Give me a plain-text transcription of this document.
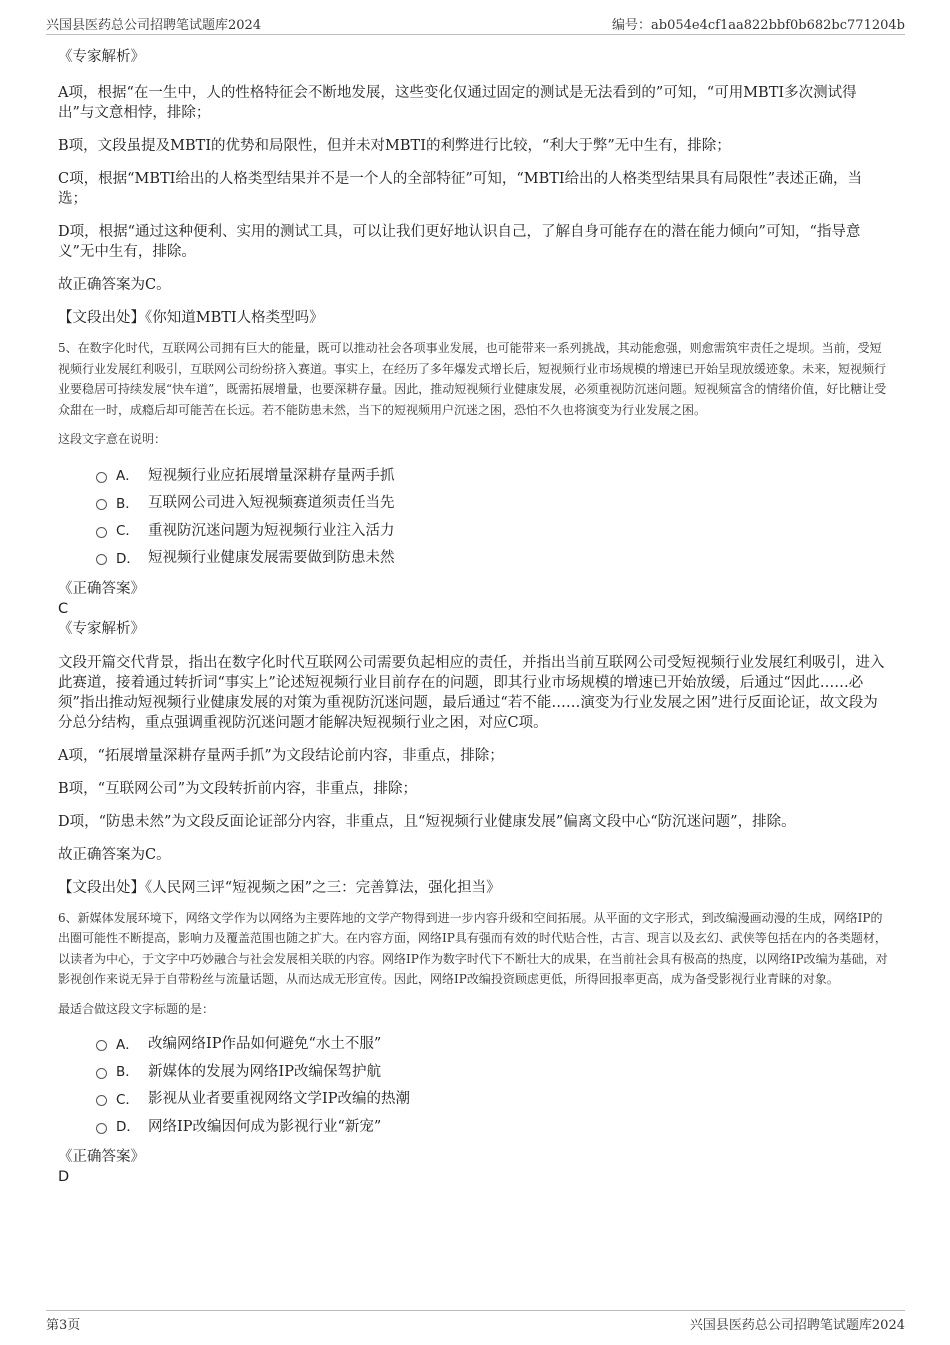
兴国县医药总公司招聘笔试题库2024	编号：ab054e4cf1aa822bbf0b682bc771204b

《专家解析》

A项，根据“在一生中，人的性格特征会不断地发展，这些变化仅通过固定的测试是无法看到的”可知，“可用MBTI多次测试得出”与文意相悖，排除；

B项，文段虽提及MBTI的优势和局限性，但并未对MBTI的利弊进行比较，“利大于弊”无中生有，排除；

C项，根据“MBTI给出的人格类型结果并不是一个人的全部特征”可知，“MBTI给出的人格类型结果具有局限性”表述正确，当选；

D项，根据“通过这种便利、实用的测试工具，可以让我们更好地认识自己，了解自身可能存在的潜在能力倾向”可知，“指导意义”无中生有，排除。

故正确答案为C。

【文段出处】《你知道MBTI人格类型吗》

5、在数字化时代，互联网公司拥有巨大的能量，既可以推动社会各项事业发展，也可能带来一系列挑战，其动能愈强，则愈需筑牢责任之堤坝。当前，受短视频行业发展红利吸引，互联网公司纷纷挤入赛道。事实上，在经历了多年爆发式增长后，短视频行业市场规模的增速已开始呈现放缓迹象。未来，短视频行业要稳居可持续发展“快车道”，既需拓展增量，也要深耕存量。因此，推动短视频行业健康发展，必须重视防沉迷问题。短视频富含的情绪价值，好比糖让受众甜在一时，成瘾后却可能苦在长远。若不能防患未然，当下的短视频用户沉迷之困，恐怕不久也将演变为行业发展之困。

这段文字意在说明：

A． 短视频行业应拓展增量深耕存量两手抓
B． 互联网公司进入短视频赛道须责任当先
C． 重视防沉迷问题为短视频行业注入活力
D． 短视频行业健康发展需要做到防患未然

《正确答案》

C

《专家解析》

文段开篇交代背景，指出在数字化时代互联网公司需要负起相应的责任，并指出当前互联网公司受短视频行业发展红利吸引，进入此赛道，接着通过转折词“事实上”论述短视频行业目前存在的问题，即其行业市场规模的增速已开始放缓，后通过“因此……必须”指出推动短视频行业健康发展的对策为重视防沉迷问题，最后通过“若不能……演变为行业发展之困”进行反面论证，故文段为分总分结构，重点强调重视防沉迷问题才能解决短视频行业之困，对应C项。

A项，“拓展增量深耕存量两手抓”为文段结论前内容，非重点，排除；

B项，“互联网公司”为文段转折前内容，非重点，排除；

D项，“防患未然”为文段反面论证部分内容，非重点，且“短视频行业健康发展”偏离文段中心“防沉迷问题”，排除。

故正确答案为C。

【文段出处】《人民网三评“短视频之困”之三：完善算法，强化担当》

6、新媒体发展环境下，网络文学作为以网络为主要阵地的文学产物得到进一步内容升级和空间拓展。从平面的文字形式，到改编漫画动漫的生成，网络IP的出圈可能性不断提高，影响力及覆盖范围也随之扩大。在内容方面，网络IP具有强而有效的时代贴合性，古言、现言以及玄幻、武侠等包括在内的各类题材，以读者为中心，于文字中巧妙融合与社会发展相关联的内容。网络IP作为数字时代下不断壮大的成果，在当前社会具有极高的热度，以网络IP改编为基础，对影视创作来说无异于自带粉丝与流量话题，从而达成无形宣传。因此，网络IP改编投资顾虑更低，所得回报率更高，成为备受影视行业青睐的对象。

最适合做这段文字标题的是：

A． 改编网络IP作品如何避免“水土不服”
B． 新媒体的发展为网络IP改编保驾护航
C． 影视从业者要重视网络文学IP改编的热潮
D． 网络IP改编因何成为影视行业“新宠”

《正确答案》

D

第3页	兴国县医药总公司招聘笔试题库2024
